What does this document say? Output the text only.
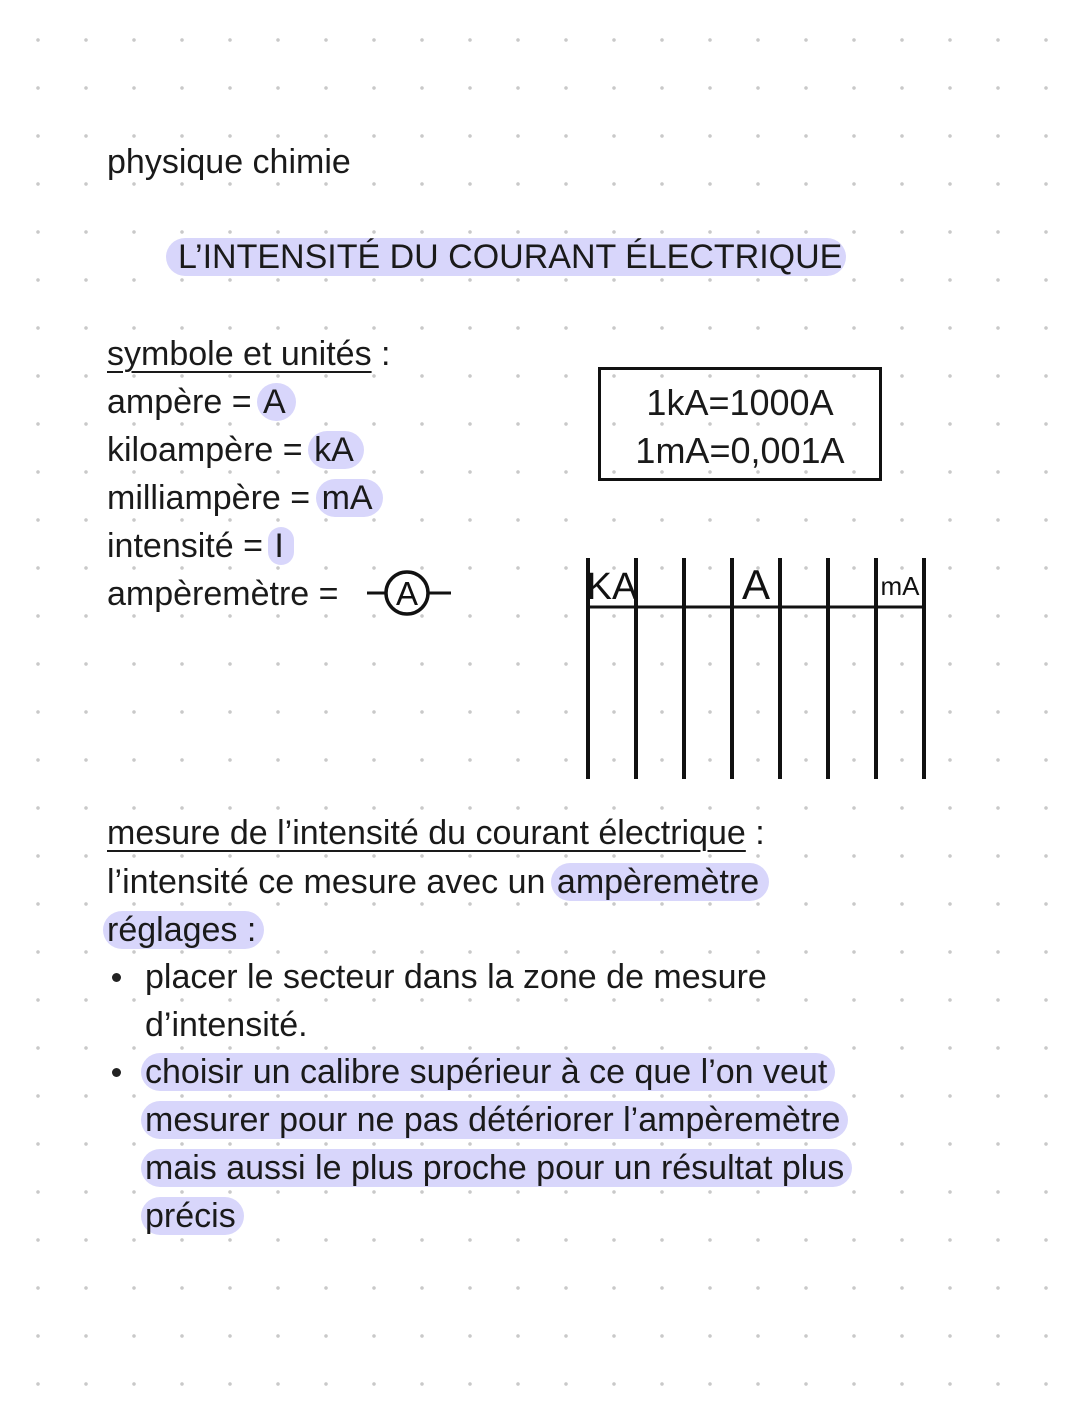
physique chimie
L’INTENSITÉ DU COURANT ÉLECTRIQUE
symbole et unités :
ampère = A
kiloampère = kA
milliampère = mA
intensité = I
ampèremètre = A
1kA=1000A
1mA=0,001A
KA A	mA
mesure de l’intensité du courant électrique :
l’intensité ce mesure avec un ampèremètre
réglages :
placer le secteur dans la zone de mesure
d’intensité.
choisir un calibre supérieur à ce que l’on veut
mesurer pour ne pas détériorer l’ampèremètre
mais aussi le plus proche pour un résultat plus
précis
